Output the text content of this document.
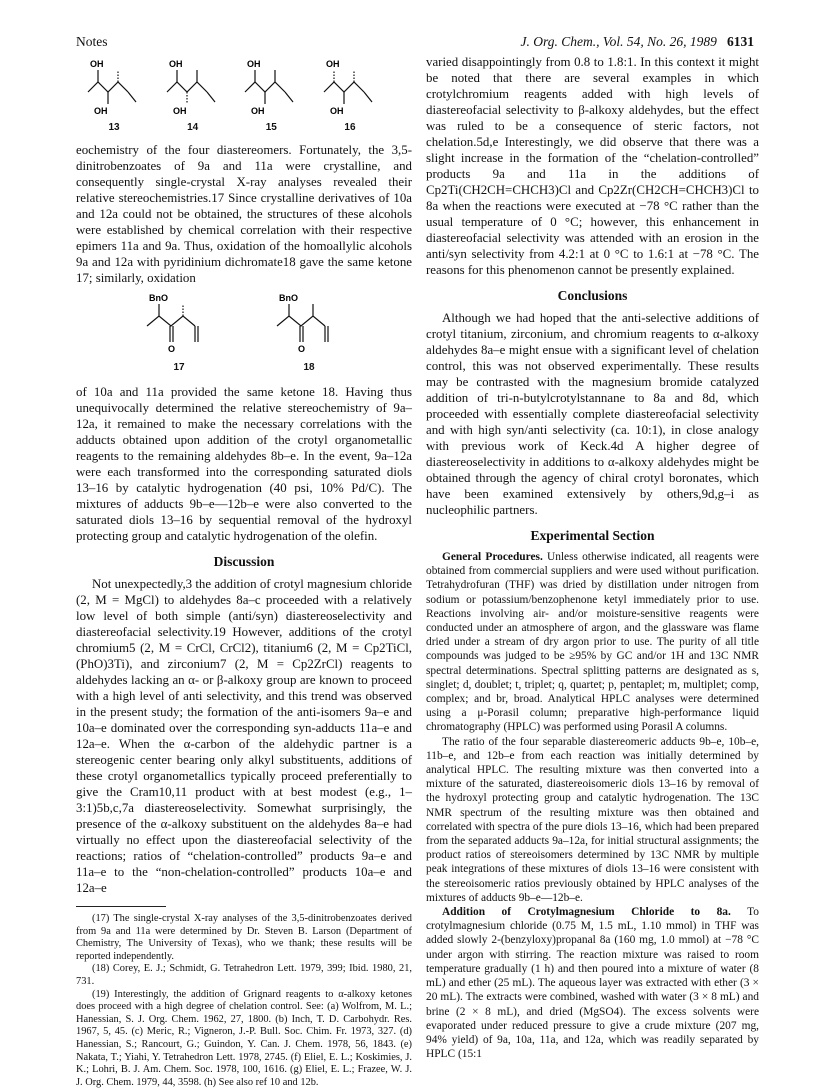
Notes	J. Org. Chem., Vol. 54, No. 26, 1989 6131
OH
OH
13
OH
OH
14
OH
OH
15
OH
OH
16

eochemistry of the four diastereomers. Fortunately, the 3,5-dinitrobenzoates of 9a and 11a were crystalline, and consequently single-crystal X-ray analyses revealed their relative stereochemistries.17 Since crystalline derivatives of 10a and 12a could not be obtained, the structures of these alcohols were established by chemical correlation with their respective epimers 11a and 9a. Thus, oxidation of the homoallylic alcohols 9a and 12a with pyridinium dichromate18 gave the same ketone 17; similarly, oxidation

BnO
O
17
BnO
O
18

of 10a and 11a provided the same ketone 18. Having thus unequivocally determined the relative stereochemistry of 9a–12a, it remained to make the necessary correlations with the adducts obtained upon addition of the crotyl organometallic reagents to the remaining aldehydes 8b–e. In the event, 9a–12a were each transformed into the corresponding saturated diols 13–16 by catalytic hydrogenation (40 psi, 10% Pd/C). The mixtures of adducts 9b–e—12b–e were also converted to the saturated diols 13–16 by sequential removal of the hydroxyl protecting group and catalytic hydrogenation of the olefin.

Discussion

Not unexpectedly,3 the addition of crotyl magnesium chloride (2, M = MgCl) to aldehydes 8a–c proceeded with a relatively low level of both simple (anti/syn) diastereoselectivity and diastereofacial selectivity.19 However, additions of the crotyl chromium5 (2, M = CrCl, CrCl2), titanium6 (2, M = Cp2TiCl, (PhO)3Ti), and zirconium7 (2, M = Cp2ZrCl) reagents to aldehydes lacking an α- or β-alkoxy group are known to proceed with a high level of anti selectivity, and this trend was observed in the present study; the formation of the anti-isomers 9a–e and 10a–e dominated over the corresponding syn-adducts 11a–e and 12a–e. When the α-carbon of the aldehydic partner is a stereogenic center bearing only alkyl substituents, additions of these crotyl organometallics typically proceed preferentially to give the Cram10,11 product with at best modest (e.g., 1–3:1)5b,c,7a diastereoselectivity. Somewhat surprisingly, the presence of the α-alkoxy substituent on the aldehydes 8a–e had virtually no effect upon the diastereofacial selectivity of the reactions; ratios of “chelation-controlled” products 9a–e and 11a–e to the “non-chelation-controlled” products 10a–e and 12a–e

(17) The single-crystal X-ray analyses of the 3,5-dinitrobenzoates derived from 9a and 11a were determined by Dr. Steven B. Larson (Department of Chemistry, The University of Texas), who we thank; these results will be reported independently.

(18) Corey, E. J.; Schmidt, G. Tetrahedron Lett. 1979, 399; Ibid. 1980, 21, 731.

(19) Interestingly, the addition of Grignard reagents to α-alkoxy ketones does proceed with a high degree of chelation control. See: (a) Wolfrom, M. L.; Hanessian, S. J. Org. Chem. 1962, 27, 1800. (b) Inch, T. D. Carbohydr. Res. 1967, 5, 45. (c) Meric, R.; Vigneron, J.-P. Bull. Soc. Chim. Fr. 1973, 327. (d) Hanessian, S.; Rancourt, G.; Guindon, Y. Can. J. Chem. 1978, 56, 1843. (e) Nakata, T.; Yiahi, Y. Tetrahedron Lett. 1978, 2745. (f) Eliel, E. L.; Koskimies, J. K.; Lohri, B. J. Am. Chem. Soc. 1978, 100, 1616. (g) Eliel, E. L.; Frazee, W. J. J. Org. Chem. 1979, 44, 3598. (h) See also ref 10 and 12b.

varied disappointingly from 0.8 to 1.8:1. In this context it might be noted that there are several examples in which crotylchromium reagents added with high levels of diastereofacial selectivity to β-alkoxy aldehydes, but the effect was ruled to be a consequence of steric factors, not chelation.5d,e Interestingly, we did observe that there was a slight increase in the formation of the “chelation-controlled” products 9a and 11a in the additions of Cp2Ti(CH2CH=CHCH3)Cl and Cp2Zr(CH2CH=CHCH3)Cl to 8a when the reactions were executed at −78 °C rather than the usual temperature of 0 °C; however, this enhancement in diastereofacial selectivity was attended with an erosion in the anti/syn selectivity from 4.2:1 at 0 °C to 1.6:1 at −78 °C. The reasons for this phenomenon cannot be presently explained.

Conclusions

Although we had hoped that the anti-selective additions of crotyl titanium, zirconium, and chromium reagents to α-alkoxy aldehydes 8a–e might ensue with a significant level of chelation control, this was not observed experimentally. These results may be contrasted with the magnesium bromide catalyzed addition of tri-n-butylcrotylstannane to 8a and 8d, which proceeded with essentially complete diastereofacial selectivity and with high syn/anti selectivity (ca. 10:1), in close analogy with previous work of Keck.4d A higher degree of diastereoselectivity in additions to α-alkoxy aldehydes might be obtained through the agency of chiral crotyl boronates, which have been examined extensively by others,9d,g–i as nucleophilic partners.

Experimental Section

General Procedures. Unless otherwise indicated, all reagents were obtained from commercial suppliers and were used without purification. Tetrahydrofuran (THF) was dried by distillation under nitrogen from sodium or potassium/benzophenone ketyl immediately prior to use. Reactions involving air- and/or moisture-sensitive reagents were conducted under an atmosphere of argon, and the glassware was flame dried under a stream of dry argon prior to use. The purity of all title compounds was judged to be ≥95% by GC and/or 1H and 13C NMR spectral determinations. Spectral splitting patterns are designated as s, singlet; d, doublet; t, triplet; q, quartet; p, pentaplet; m, multiplet; comp, complex; and br, broad. Analytical HPLC analyses were determined using a μ-Porasil column; preparative high-performance liquid chromatography (HPLC) was performed using Porasil A columns.

The ratio of the four separable diastereomeric adducts 9b–e, 10b–e, 11b–e, and 12b–e from each reaction was initially determined by analytical HPLC. The resulting mixture was then converted into a mixture of the saturated, diastereoisomeric diols 13–16 by removal of the hydroxyl protecting group and catalytic hydrogenation. The 13C NMR spectrum of the resulting mixture was then obtained and correlated with spectra of the pure diols 13–16, which had been prepared from the separated adducts 9a–12a, for initial structural assignments; the product ratios of stereoisomers determined by 13C NMR by multiple peak integrations of these mixtures of diols 13–16 were consistent with the stereoisomeric ratios previously obtained by HPLC analyses of the mixtures of adducts 9b–e—12b–e.

Addition of Crotylmagnesium Chloride to 8a. To crotylmagnesium chloride (0.75 M, 1.5 mL, 1.10 mmol) in THF was added slowly 2-(benzyloxy)propanal 8a (160 mg, 1.0 mmol) at −78 °C under argon with stirring. The reaction mixture was raised to room temperature gradually (1 h) and then poured into a mixture of water (8 mL) and ether (25 mL). The aqueous layer was extracted with ether (3 × 20 mL). The extracts were combined, washed with water (3 × 8 mL) and brine (2 × 8 mL), and dried (MgSO4). The excess solvents were evaporated under reduced pressure to give a crude mixture (207 mg, 94% yield) of 9a, 10a, 11a, and 12a, which was readily separated by HPLC (15:1
